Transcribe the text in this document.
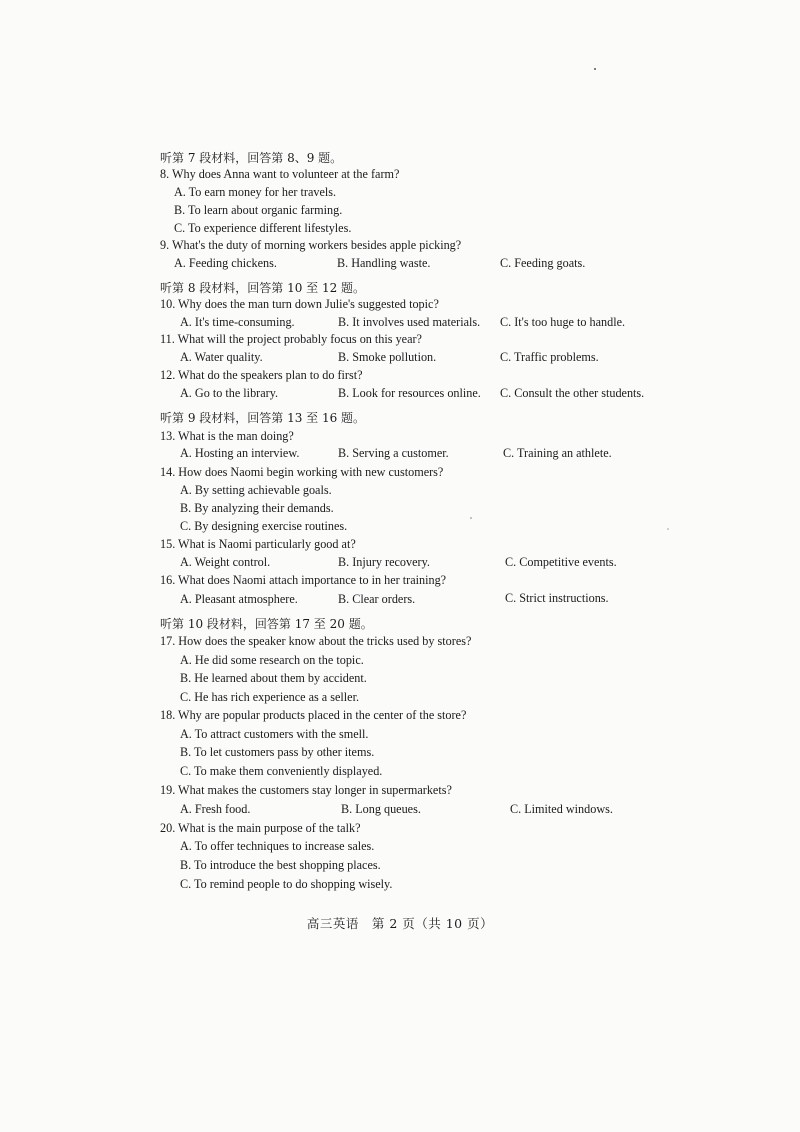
听第 7 段材料，回答第 8、9 题。
8. Why does Anna want to volunteer at the farm?
A. To earn money for her travels.
B. To learn about organic farming.
C. To experience different lifestyles.
9. What's the duty of morning workers besides apple picking?
A. Feeding chickens.	B. Handling waste.	C. Feeding goats.
听第 8 段材料，回答第 10 至 12 题。
10. Why does the man turn down Julie's suggested topic?
A. It's time-consuming.	B. It involves used materials. C. It's too huge to handle.
11. What will the project probably focus on this year?
A. Water quality.	B. Smoke pollution.	C. Traffic problems.
12. What do the speakers plan to do first?
A. Go to the library.	B. Look for resources online. C. Consult the other students.
听第 9 段材料，回答第 13 至 16 题。
13. What is the man doing?
A. Hosting an interview.	B. Serving a customer.	C. Training an athlete.
14. How does Naomi begin working with new customers?
A. By setting achievable goals.
B. By analyzing their demands.
C. By designing exercise routines.
15. What is Naomi particularly good at?
A. Weight control.	B. Injury recovery.	C. Competitive events.
16. What does Naomi attach importance to in her training?
A. Pleasant atmosphere.	B. Clear orders.	C. Strict instructions.
听第 10 段材料，回答第 17 至 20 题。
17. How does the speaker know about the tricks used by stores?
A. He did some research on the topic.
B. He learned about them by accident.
C. He has rich experience as a seller.
18. Why are popular products placed in the center of the store?
A. To attract customers with the smell.
B. To let customers pass by other items.
C. To make them conveniently displayed.
19. What makes the customers stay longer in supermarkets?
A. Fresh food.	B. Long queues.	C. Limited windows.
20. What is the main purpose of the talk?
A. To offer techniques to increase sales.
B. To introduce the best shopping places.
C. To remind people to do shopping wisely.
高三英语　第 2 页（共 10 页）
